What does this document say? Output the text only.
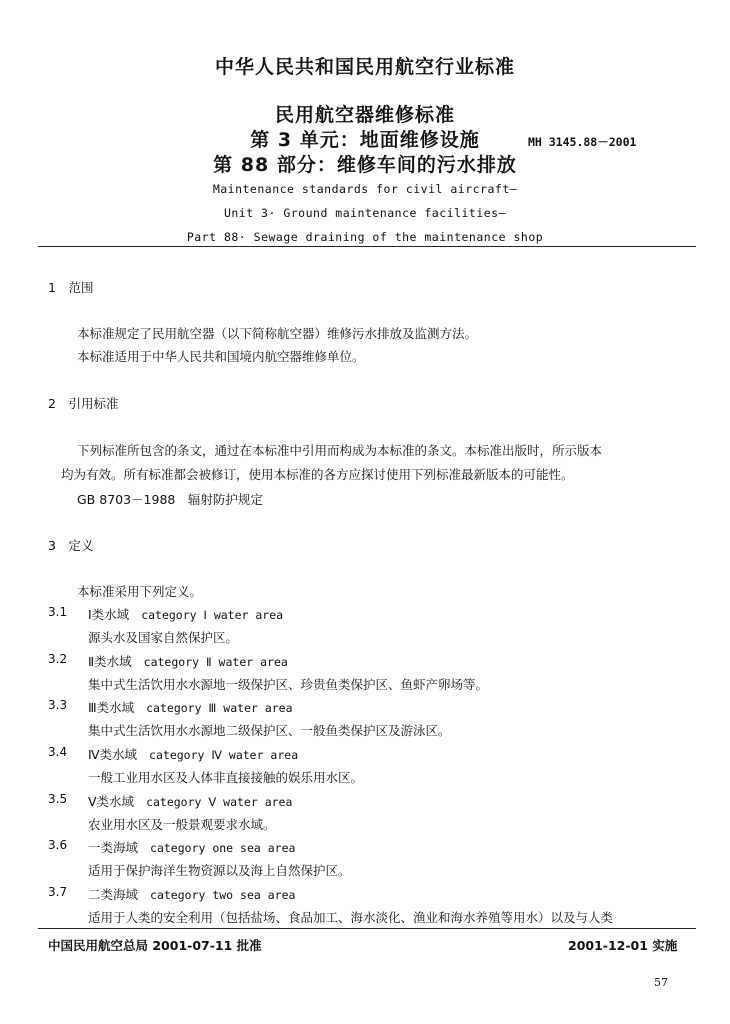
中华人民共和国民用航空行业标准
民用航空器维修标准
第 3 单元：地面维修设施	MH 3145.88－2001
第 88 部分：维修车间的污水排放
Maintenance standards for civil aircraft—
Unit 3· Ground maintenance facilities—
Part 88· Sewage draining of the maintenance shop
1　范围
本标准规定了民用航空器（以下简称航空器）维修污水排放及监测方法。
本标准适用于中华人民共和国境内航空器维修单位。
2　引用标准
下列标准所包含的条文，通过在本标准中引用而构成为本标准的条文。本标准出版时，所示版本
均为有效。所有标准都会被修订，使用本标准的各方应探讨使用下列标准最新版本的可能性。
GB 8703－1988　辐射防护规定
3　定义
本标准采用下列定义。
3.1 Ⅰ类水域 category Ⅰ water area
源头水及国家自然保护区。
3.2 Ⅱ类水域 category Ⅱ water area
集中式生活饮用水水源地一级保护区、珍贵鱼类保护区、鱼虾产卵场等。
3.3 Ⅲ类水域 category Ⅲ water area
集中式生活饮用水水源地二级保护区、一般鱼类保护区及游泳区。
3.4 Ⅳ类水域 category Ⅳ water area
一般工业用水区及人体非直接接触的娱乐用水区。
3.5 Ⅴ类水域 category Ⅴ water area
农业用水区及一般景观要求水域。
3.6 一类海域 category one sea area
适用于保护海洋生物资源以及海上自然保护区。
3.7 二类海域 category two sea area
适用于人类的安全利用（包括盐场、食品加工、海水淡化、渔业和海水养殖等用水）以及与人类
中国民用航空总局 2001-07-11 批准	2001-12-01 实施
57
